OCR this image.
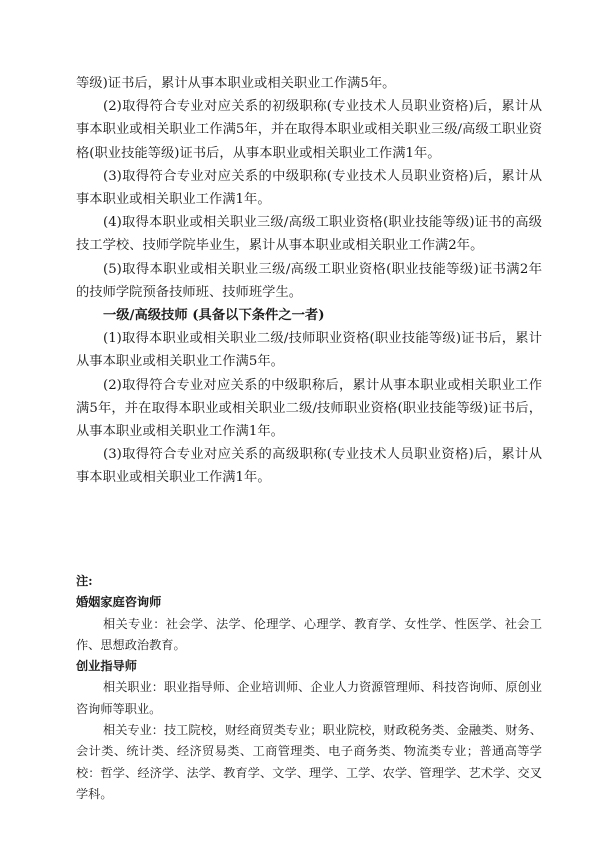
等级)证书后，累计从事本职业或相关职业工作满5年。

(2)取得符合专业对应关系的初级职称(专业技术人员职业资格)后，累计从事本职业或相关职业工作满5年，并在取得本职业或相关职业三级/高级工职业资格(职业技能等级)证书后，从事本职业或相关职业工作满1年。

(3)取得符合专业对应关系的中级职称(专业技术人员职业资格)后，累计从事本职业或相关职业工作满1年。

(4)取得本职业或相关职业三级/高级工职业资格(职业技能等级)证书的高级技工学校、技师学院毕业生，累计从事本职业或相关职业工作满2年。

(5)取得本职业或相关职业三级/高级工职业资格(职业技能等级)证书满2年的技师学院预备技师班、技师班学生。

一级/高级技师 (具备以下条件之一者)

(1)取得本职业或相关职业二级/技师职业资格(职业技能等级)证书后，累计从事本职业或相关职业工作满5年。

(2)取得符合专业对应关系的中级职称后，累计从事本职业或相关职业工作满5年，并在取得本职业或相关职业二级/技师职业资格(职业技能等级)证书后，从事本职业或相关职业工作满1年。

(3)取得符合专业对应关系的高级职称(专业技术人员职业资格)后，累计从事本职业或相关职业工作满1年。

注:

婚姻家庭咨询师

相关专业：社会学、法学、伦理学、心理学、教育学、女性学、性医学、社会工作、思想政治教育。

创业指导师

相关职业：职业指导师、企业培训师、企业人力资源管理师、科技咨询师、原创业咨询师等职业。

相关专业：技工院校，财经商贸类专业；职业院校，财政税务类、金融类、财务、会计类、统计类、经济贸易类、工商管理类、电子商务类、物流类专业；普通高等学校：哲学、经济学、法学、教育学、文学、理学、工学、农学、管理学、艺术学、交叉学科。
